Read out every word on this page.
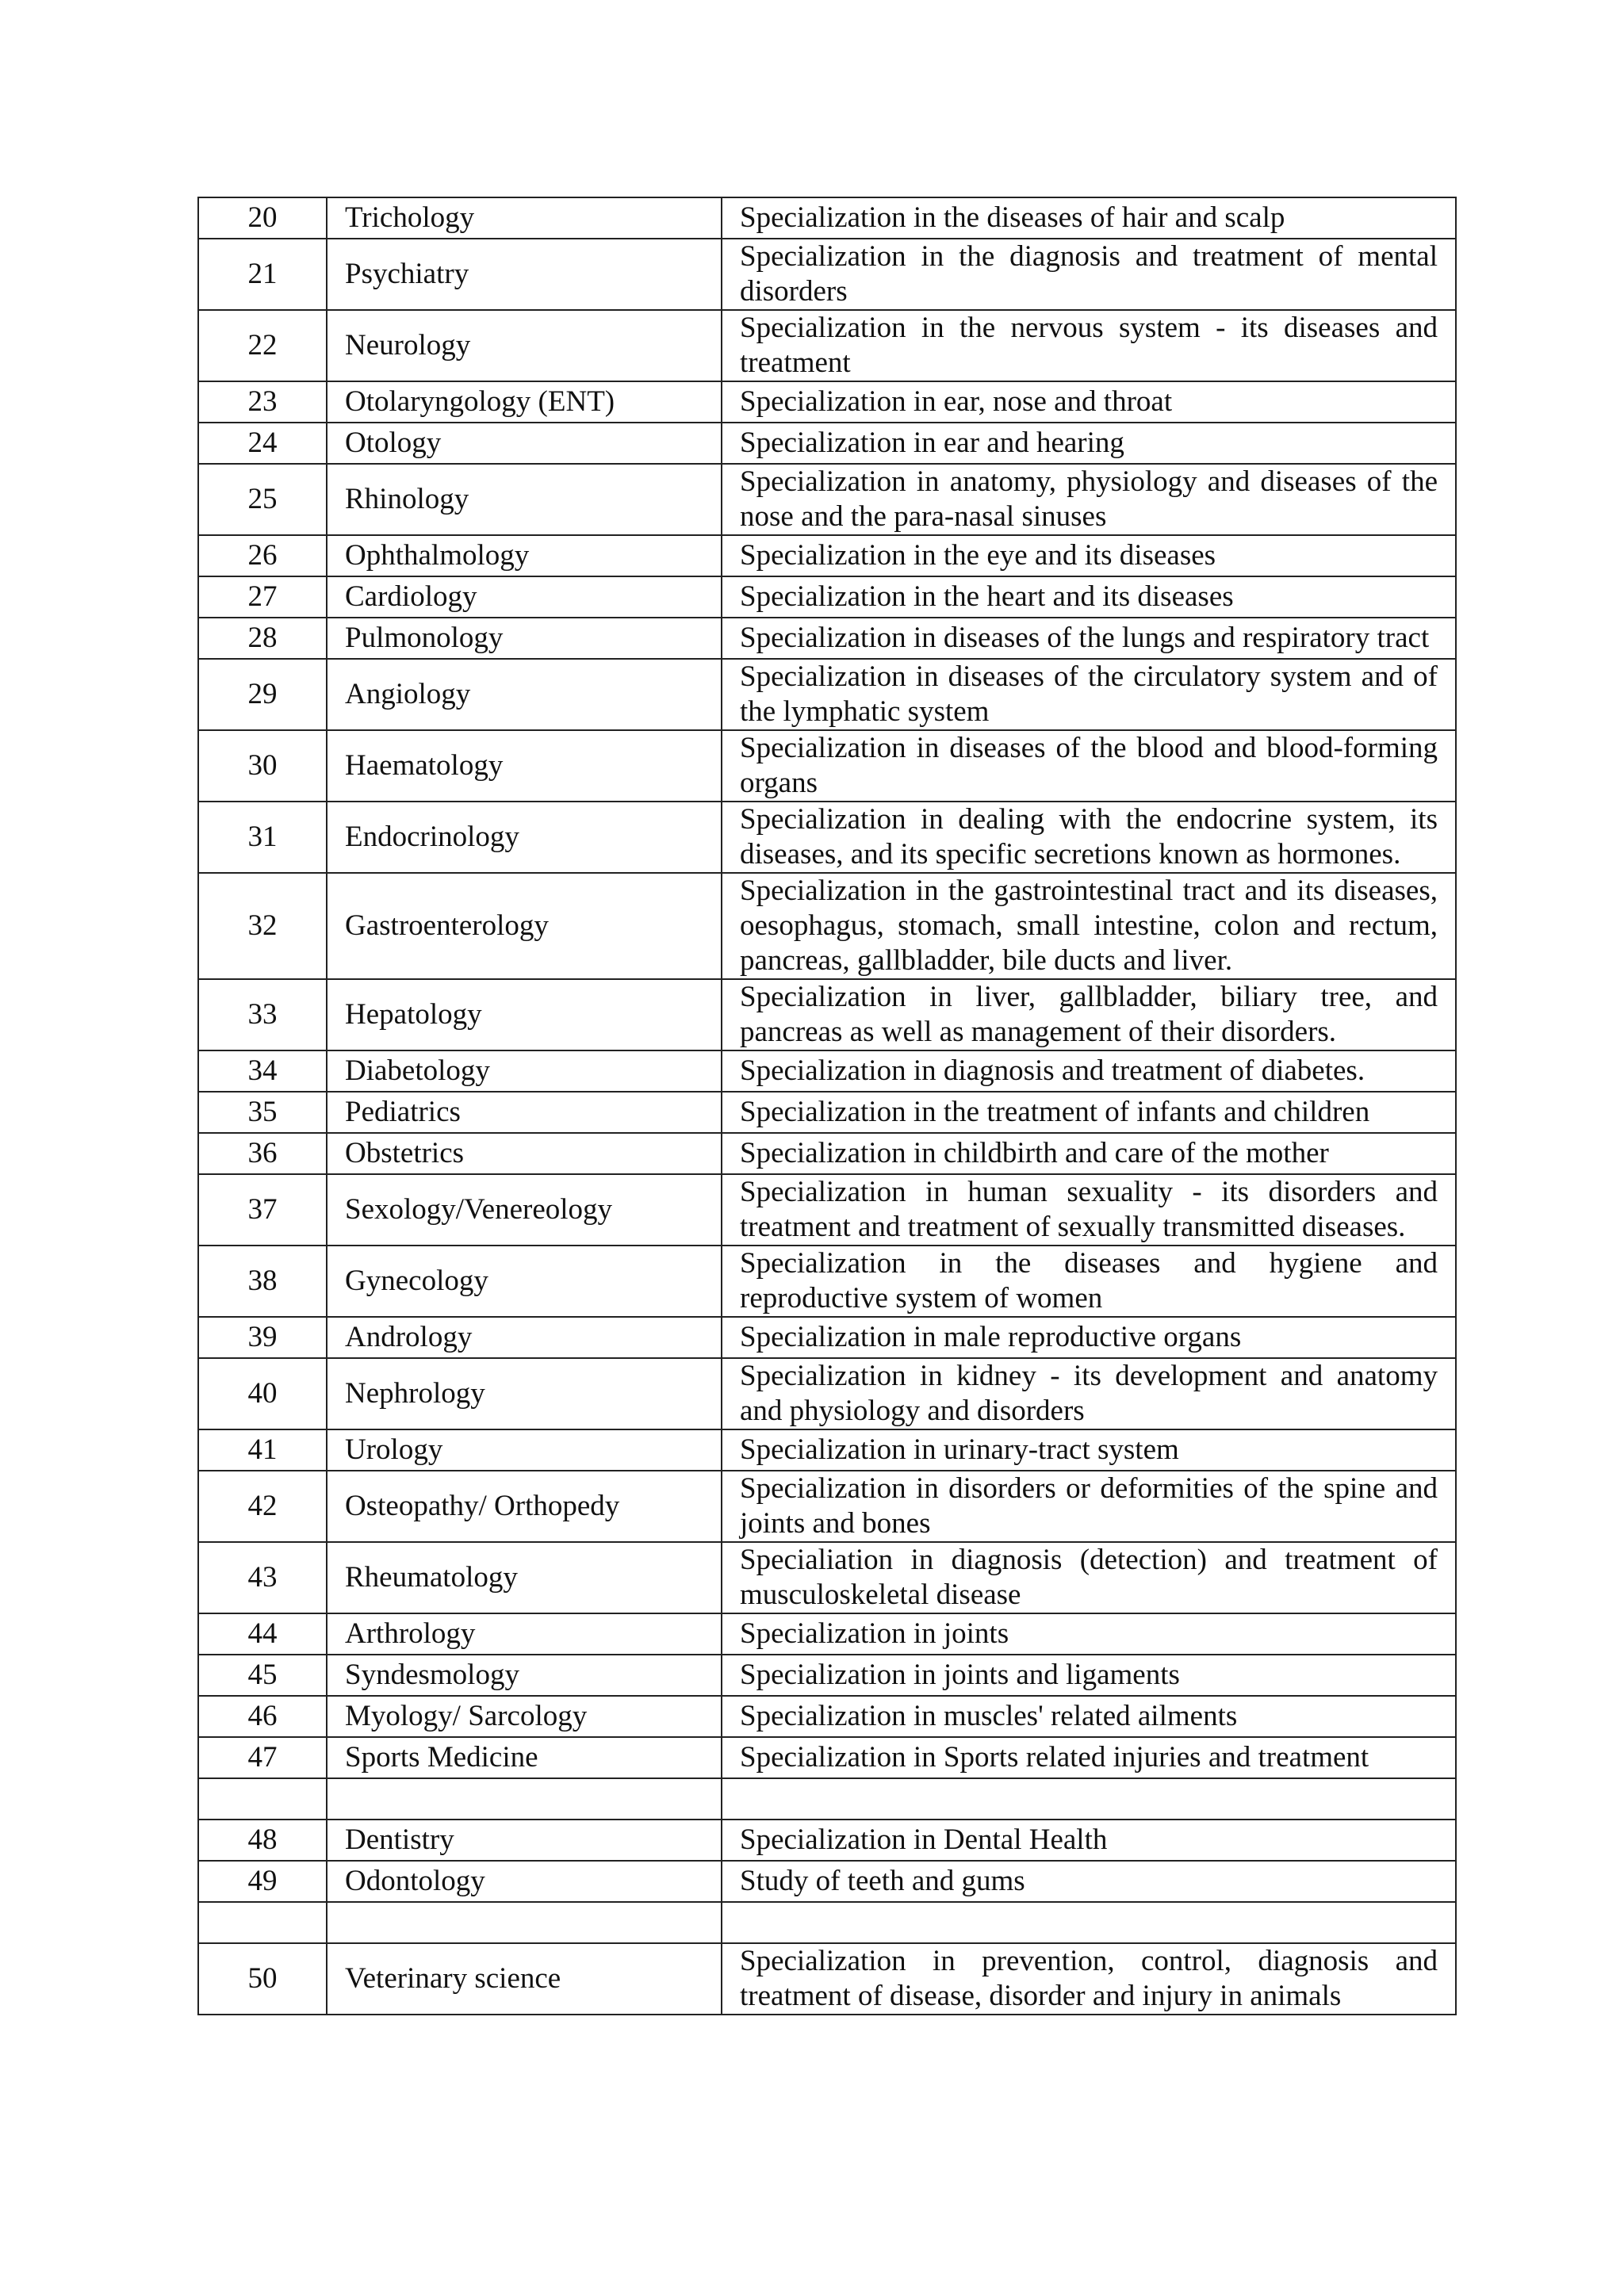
20	Trichology	Specialization in the diseases of hair and scalp
21	Psychiatry	Specialization in the diagnosis and treatment of mental disorders
22	Neurology	Specialization in the nervous system - its diseases and treatment
23	Otolaryngology (ENT)	Specialization in ear, nose and throat
24	Otology	Specialization in ear and hearing
25	Rhinology	Specialization in anatomy, physiology and diseases of the nose and the para-nasal sinuses
26	Ophthalmology	Specialization in the eye and its diseases
27	Cardiology	Specialization in the heart and its diseases
28	Pulmonology	Specialization in diseases of the lungs and respiratory tract
29	Angiology	Specialization in diseases of the circulatory system and of the lymphatic system
30	Haematology	Specialization in diseases of the blood and blood-forming organs
31	Endocrinology	Specialization in dealing with the endocrine system, its diseases, and its specific secretions known as hormones.
32	Gastroenterology	Specialization in the gastrointestinal tract and its diseases, oesophagus, stomach, small intestine, colon and rectum, pancreas, gallbladder, bile ducts and liver.
33	Hepatology	Specialization in liver, gallbladder, biliary tree, and pancreas as well as management of their disorders.
34	Diabetology	Specialization in diagnosis and treatment of diabetes.
35	Pediatrics	Specialization in the treatment of infants and children
36	Obstetrics	Specialization in childbirth and care of the mother
37	Sexology/Venereology	Specialization in human sexuality - its disorders and treatment and treatment of sexually transmitted diseases.
38	Gynecology	Specialization in the diseases and hygiene and reproductive system of women
39	Andrology	Specialization in male reproductive organs
40	Nephrology	Specialization in kidney - its development and anatomy and physiology and disorders
41	Urology	Specialization in urinary-tract system
42	Osteopathy/ Orthopedy	Specialization in disorders or deformities of the spine and joints and bones
43	Rheumatology	Specialiation in diagnosis (detection) and treatment of musculoskeletal disease
44	Arthrology	Specialization in joints
45	Syndesmology	Specialization in joints and ligaments
46	Myology/ Sarcology	Specialization in muscles' related ailments
47	Sports Medicine	Specialization in Sports related injuries and treatment

48	Dentistry	Specialization in Dental Health
49	Odontology	Study of teeth and gums

50	Veterinary science	Specialization in prevention, control, diagnosis and treatment of disease, disorder and injury in animals
